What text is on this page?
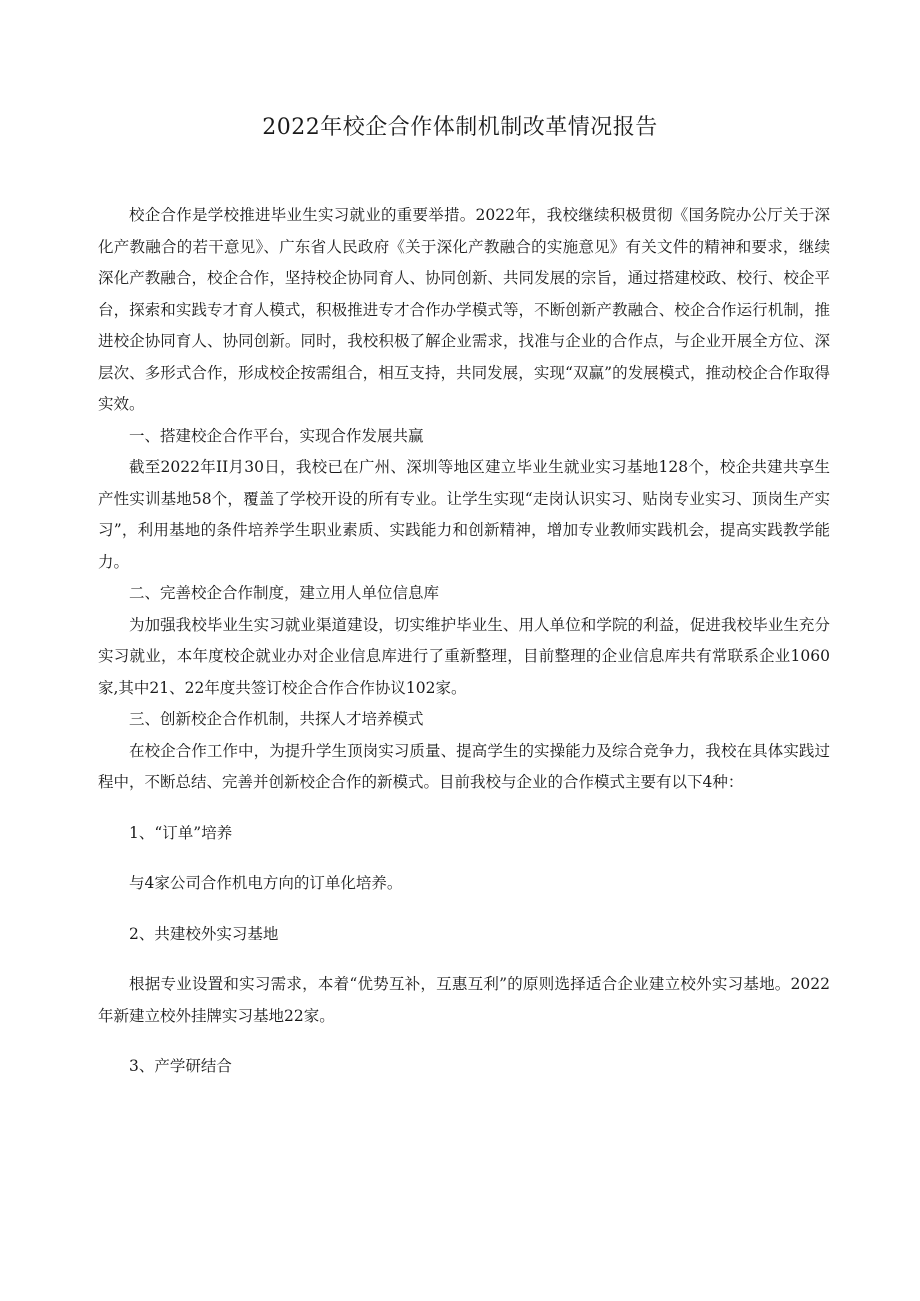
2022年校企合作体制机制改革情况报告

校企合作是学校推进毕业生实习就业的重要举措。2022年，我校继续积极贯彻《国务院办公厅关于深化产教融合的若干意见》、广东省人民政府《关于深化产教融合的实施意见》有关文件的精神和要求，继续深化产教融合，校企合作，坚持校企协同育人、协同创新、共同发展的宗旨，通过搭建校政、校行、校企平台，探索和实践专才育人模式，积极推进专才合作办学模式等，不断创新产教融合、校企合作运行机制，推进校企协同育人、协同创新。同时，我校积极了解企业需求，找准与企业的合作点，与企业开展全方位、深层次、多形式合作，形成校企按需组合，相互支持，共同发展，实现“双赢”的发展模式，推动校企合作取得实效。

一、搭建校企合作平台，实现合作发展共赢

截至2022年II月30日，我校已在广州、深圳等地区建立毕业生就业实习基地128个，校企共建共享生产性实训基地58个，覆盖了学校开设的所有专业。让学生实现“走岗认识实习、贴岗专业实习、顶岗生产实习”，利用基地的条件培养学生职业素质、实践能力和创新精神，增加专业教师实践机会，提高实践教学能力。

二、完善校企合作制度，建立用人单位信息库

为加强我校毕业生实习就业渠道建设，切实维护毕业生、用人单位和学院的利益，促进我校毕业生充分实习就业，本年度校企就业办对企业信息库进行了重新整理，目前整理的企业信息库共有常联系企业1060家,其中21、22年度共签订校企合作合作协议102家。

三、创新校企合作机制，共探人才培养模式

在校企合作工作中，为提升学生顶岗实习质量、提高学生的实操能力及综合竞争力，我校在具体实践过程中，不断总结、完善并创新校企合作的新模式。目前我校与企业的合作模式主要有以下4种：

1、“订单”培养

与4家公司合作机电方向的订单化培养。

2、共建校外实习基地

根据专业设置和实习需求，本着“优势互补，互惠互利”的原则选择适合企业建立校外实习基地。2022年新建立校外挂牌实习基地22家。

3、产学研结合
